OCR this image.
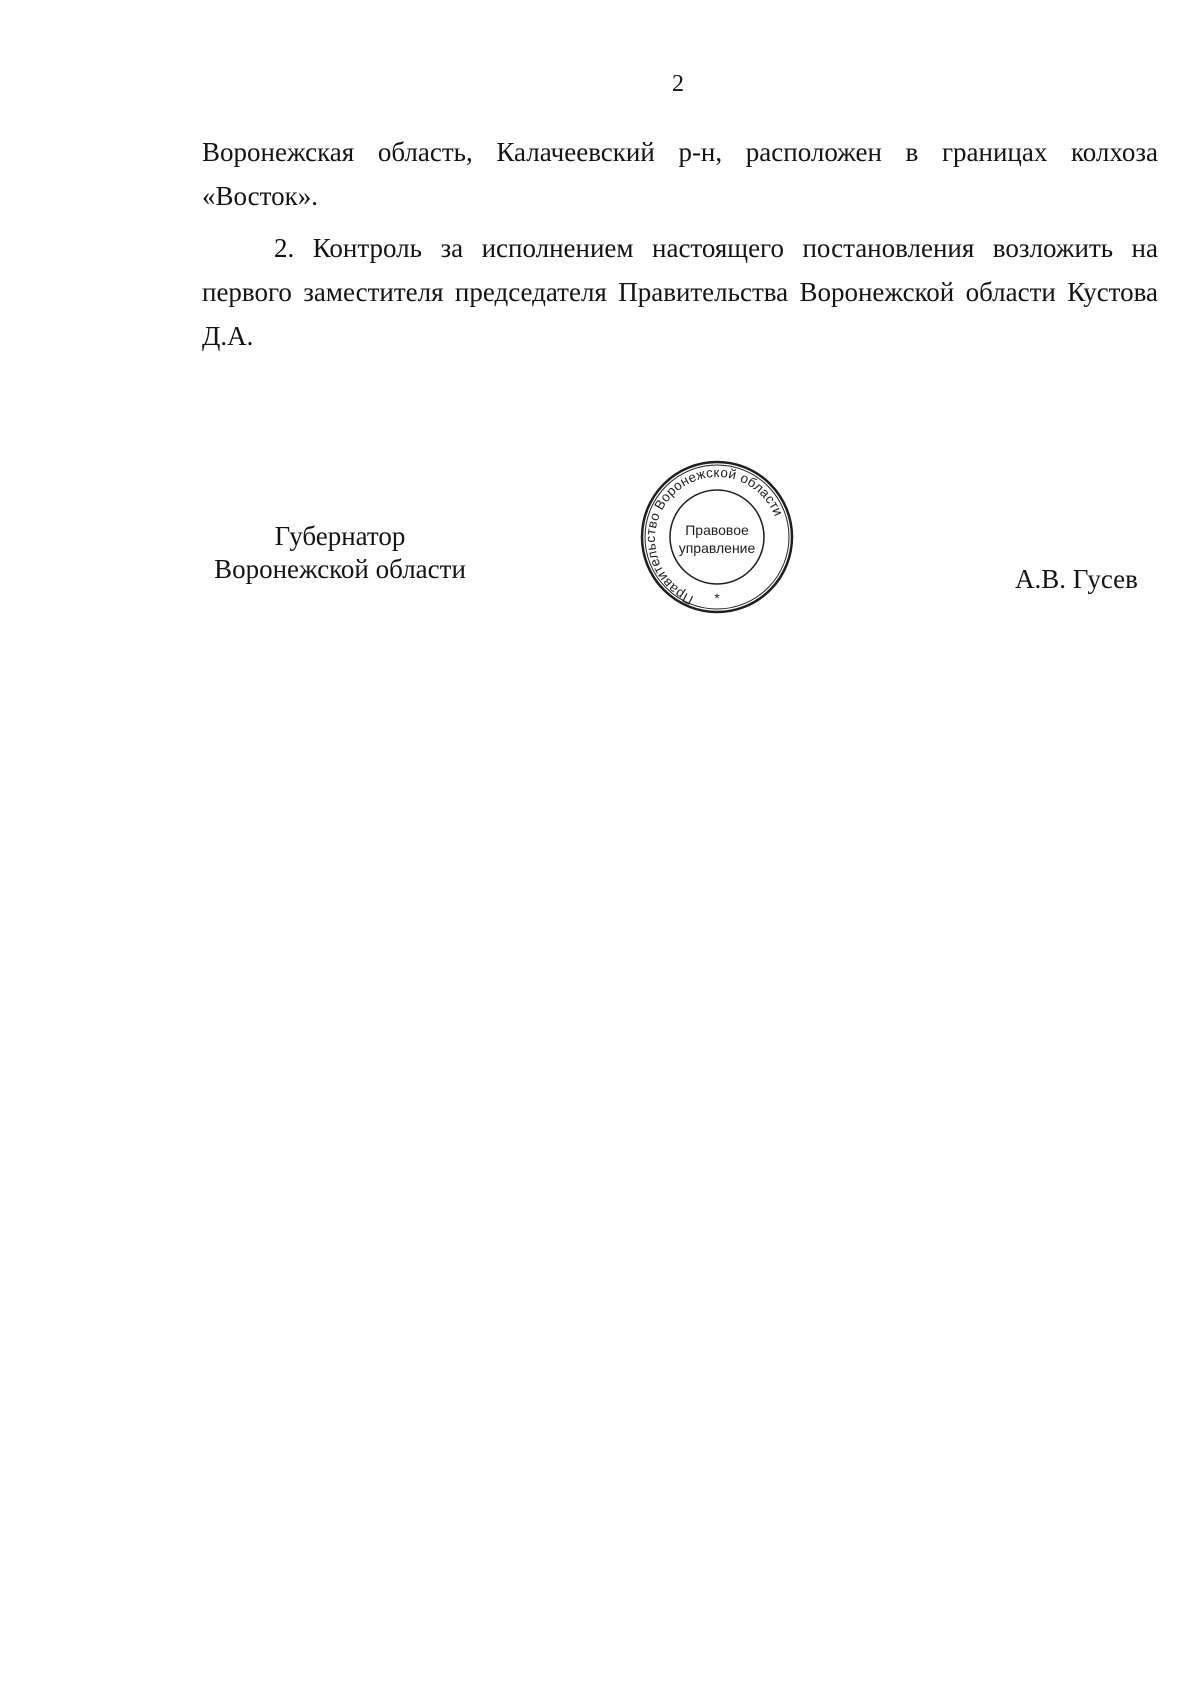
2

Воронежская область, Калачеевский р-н, расположен в границах колхоза «Восток».

2. Контроль за исполнением настоящего постановления возложить на первого заместителя председателя Правительства Воронежской области Кустова Д.А.

Губернатор
Воронежской области
Правительство Воронежской области
Правовое
управление
*
А.В. Гусев
